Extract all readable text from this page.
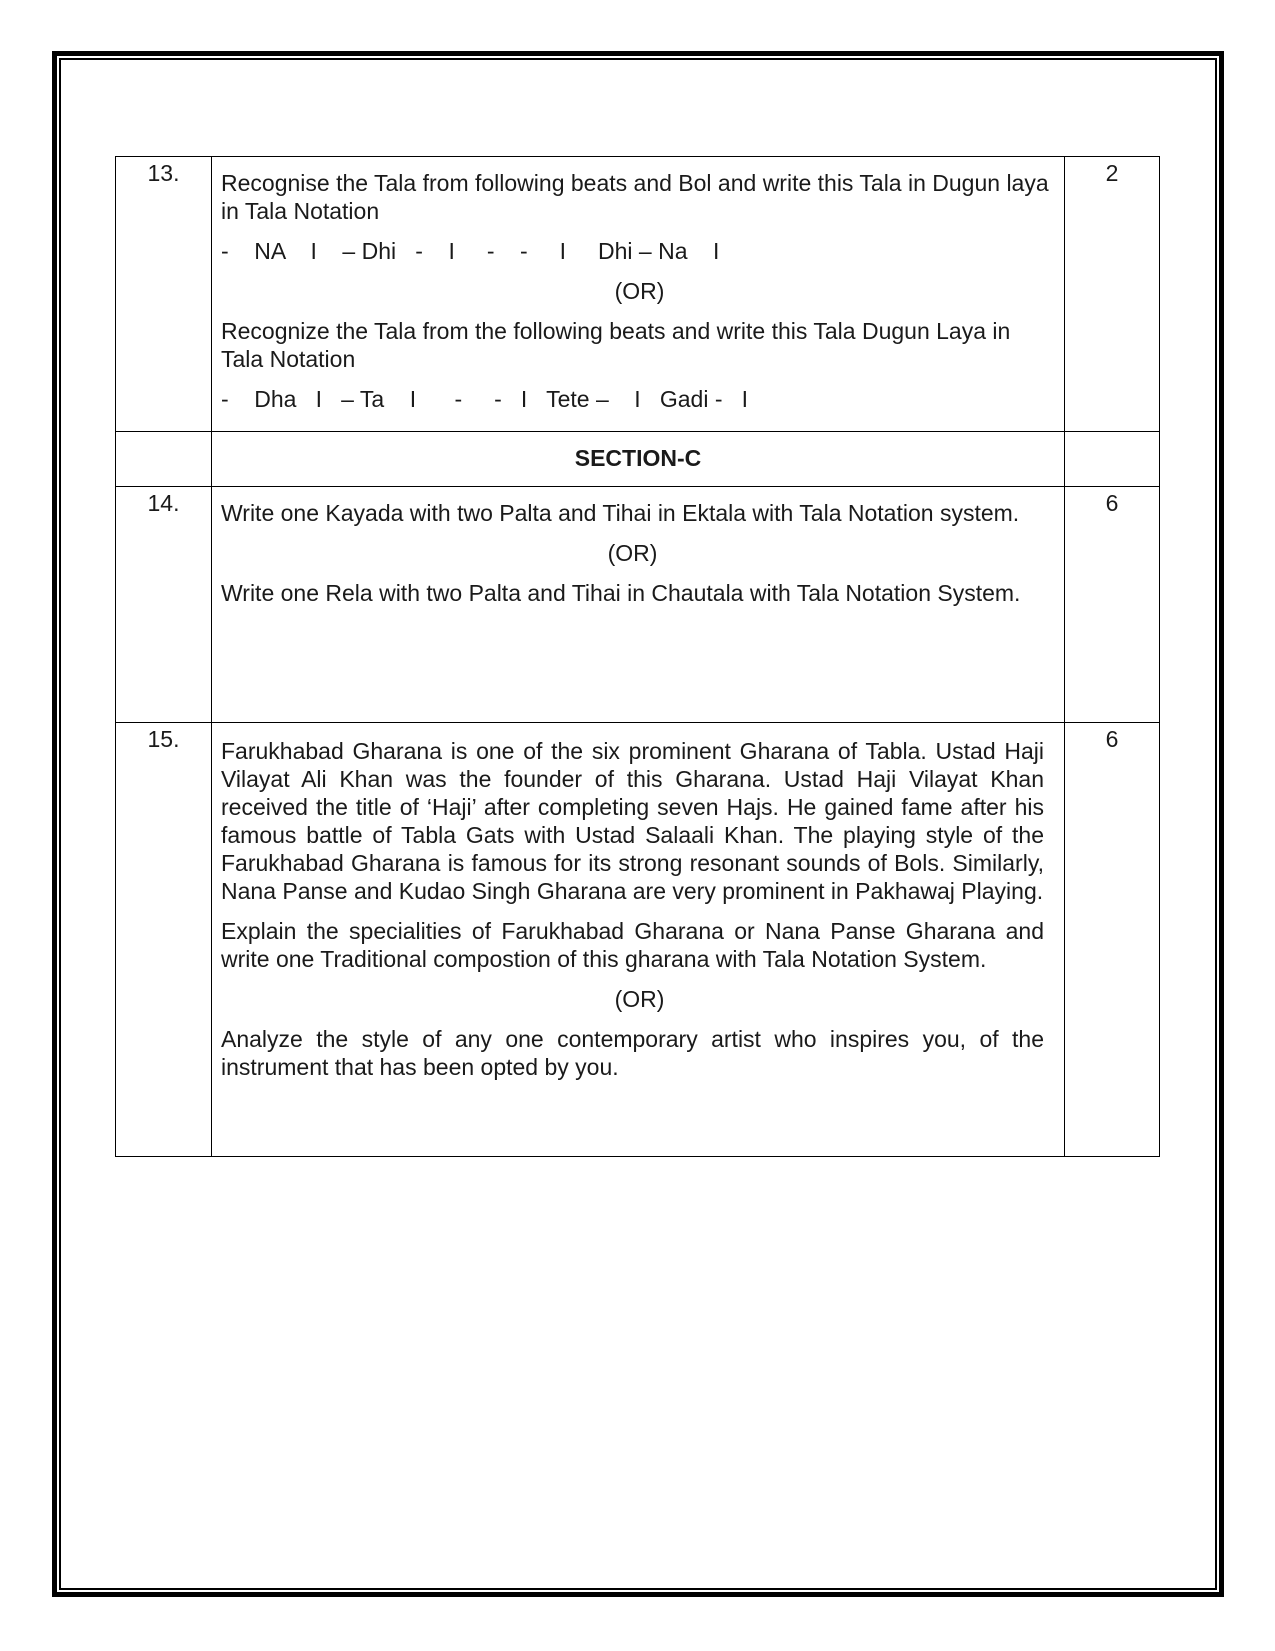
13.	Recognise the Tala from following beats and Bol and write this Tala in Dugun laya in Tala Notation

-    NA    I    – Dhi   -    I     -    -     I     Dhi – Na    I

(OR)

Recognize the Tala from the following beats and write this Tala Dugun Laya in Tala Notation

-    Dha   I   – Ta    I      -     -   I   Tete –    I   Gadi -   I	2
	SECTION-C	
14.	Write one Kayada with two Palta and Tihai in Ektala with Tala Notation system.

(OR)

Write one Rela with two Palta and Tihai in Chautala with Tala Notation System.	6
15.	Farukhabad Gharana is one of the six prominent Gharana of Tabla. Ustad Haji Vilayat Ali Khan was the founder of this Gharana. Ustad Haji Vilayat Khan received the title of ‘Haji’ after completing seven Hajs. He gained fame after his famous battle of Tabla Gats with Ustad Salaali Khan. The playing style of the Farukhabad Gharana is famous for its strong resonant sounds of Bols. Similarly, Nana Panse and Kudao Singh Gharana are very prominent in Pakhawaj Playing.

Explain the specialities of Farukhabad Gharana or Nana Panse Gharana and write one Traditional compostion of this gharana with Tala Notation System.

(OR)

Analyze the style of any one contemporary artist who inspires you, of the instrument that has been opted by you.	6
